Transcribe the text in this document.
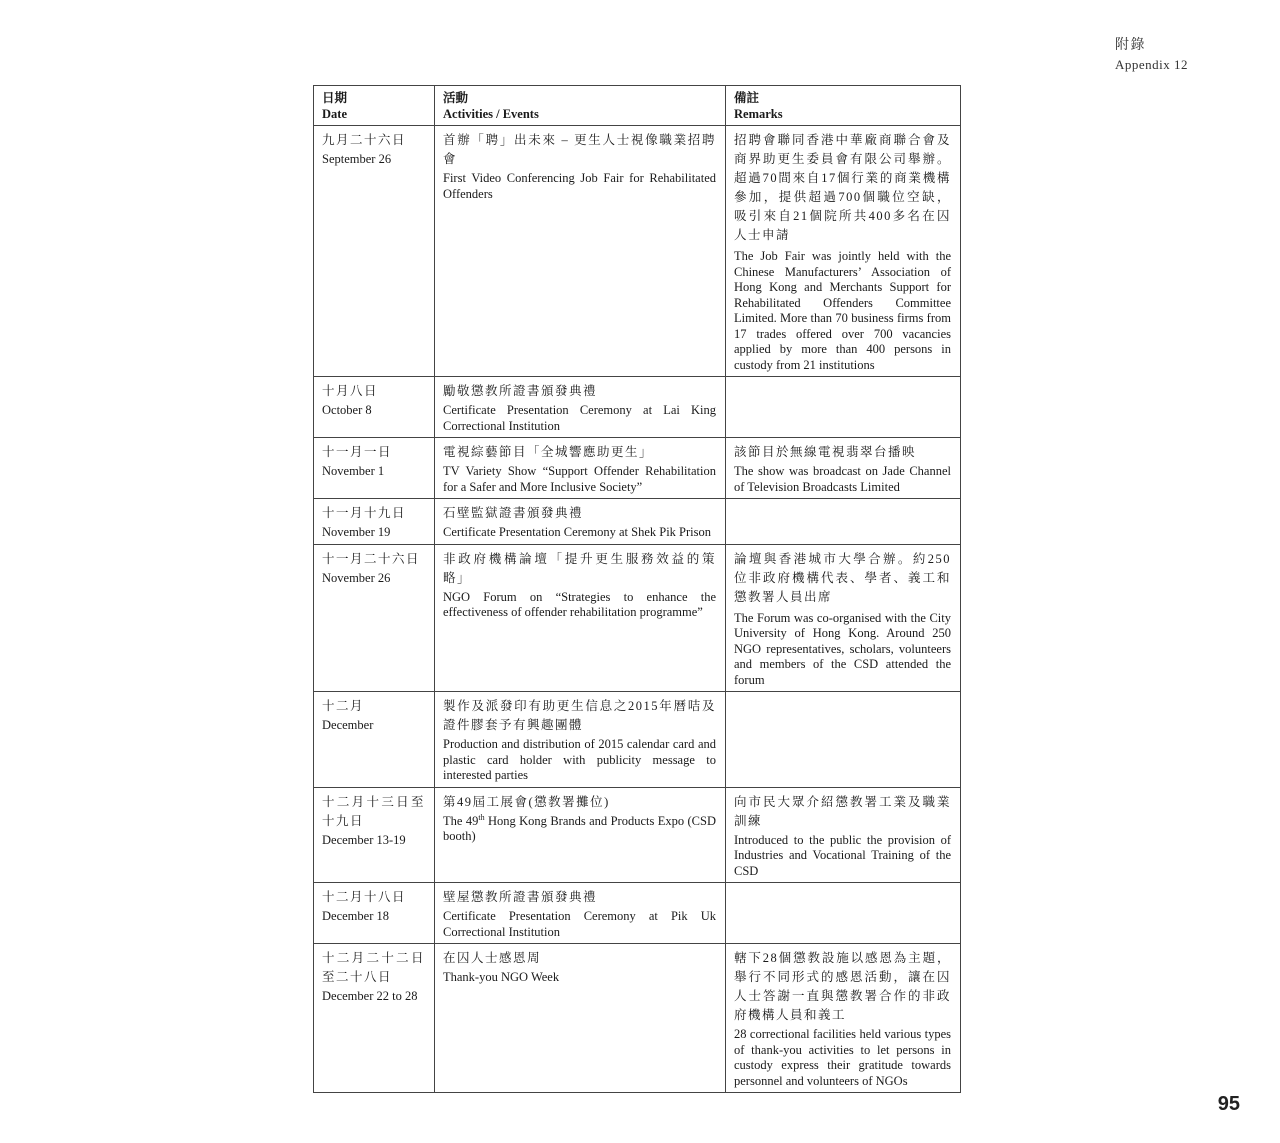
附錄
Appendix 12
日期
Date	活動
Activities / Events	備註
Remarks

九月二十六日
September 26	首辦「聘」出未來 – 更生人士視像職業招聘會
First Video Conferencing Job Fair for Rehabilitated Offenders	招聘會聯同香港中華廠商聯合會及商界助更生委員會有限公司舉辦。超過70間來自17個行業的商業機構參加，提供超過700個職位空缺，吸引來自21個院所共400多名在囚人士申請
The Job Fair was jointly held with the Chinese Manufacturers’ Association of Hong Kong and Merchants Support for Rehabilitated Offenders Committee Limited. More than 70 business firms from 17 trades offered over 700 vacancies applied by more than 400 persons in custody from 21 institutions

十月八日
October 8	勵敬懲教所證書頒發典禮
Certificate Presentation Ceremony at Lai King Correctional Institution	

十一月一日
November 1	電視綜藝節目「全城響應助更生」
TV Variety Show “Support Offender Rehabilitation for a Safer and More Inclusive Society”	該節目於無線電視翡翠台播映
The show was broadcast on Jade Channel of Television Broadcasts Limited

十一月十九日
November 19	石壁監獄證書頒發典禮
Certificate Presentation Ceremony at Shek Pik Prison	

十一月二十六日
November 26	非政府機構論壇「提升更生服務效益的策略」
NGO Forum on “Strategies to enhance the effectiveness of offender rehabilitation programme”	論壇與香港城市大學合辦。約250位非政府機構代表、學者、義工和懲教署人員出席
The Forum was co-organised with the City University of Hong Kong. Around 250 NGO representatives, scholars, volunteers and members of the CSD attended the forum

十二月
December	製作及派發印有助更生信息之2015年曆咭及證件膠套予有興趣團體
Production and distribution of 2015 calendar card and plastic card holder with publicity message to interested parties	

十二月十三日至十九日
December 13-19	第49屆工展會(懲教署攤位)
The 49th Hong Kong Brands and Products Expo (CSD booth)	向市民大眾介紹懲教署工業及職業訓練
Introduced to the public the provision of Industries and Vocational Training of the CSD

十二月十八日
December 18	壁屋懲教所證書頒發典禮
Certificate Presentation Ceremony at Pik Uk Correctional Institution	

十二月二十二日至二十八日
December 22 to 28	在囚人士感恩周
Thank-you NGO Week	轄下28個懲教設施以感恩為主題，舉行不同形式的感恩活動，讓在囚人士答謝一直與懲教署合作的非政府機構人員和義工
28 correctional facilities held various types of thank-you activities to let persons in custody express their gratitude towards personnel and volunteers of NGOs
95
